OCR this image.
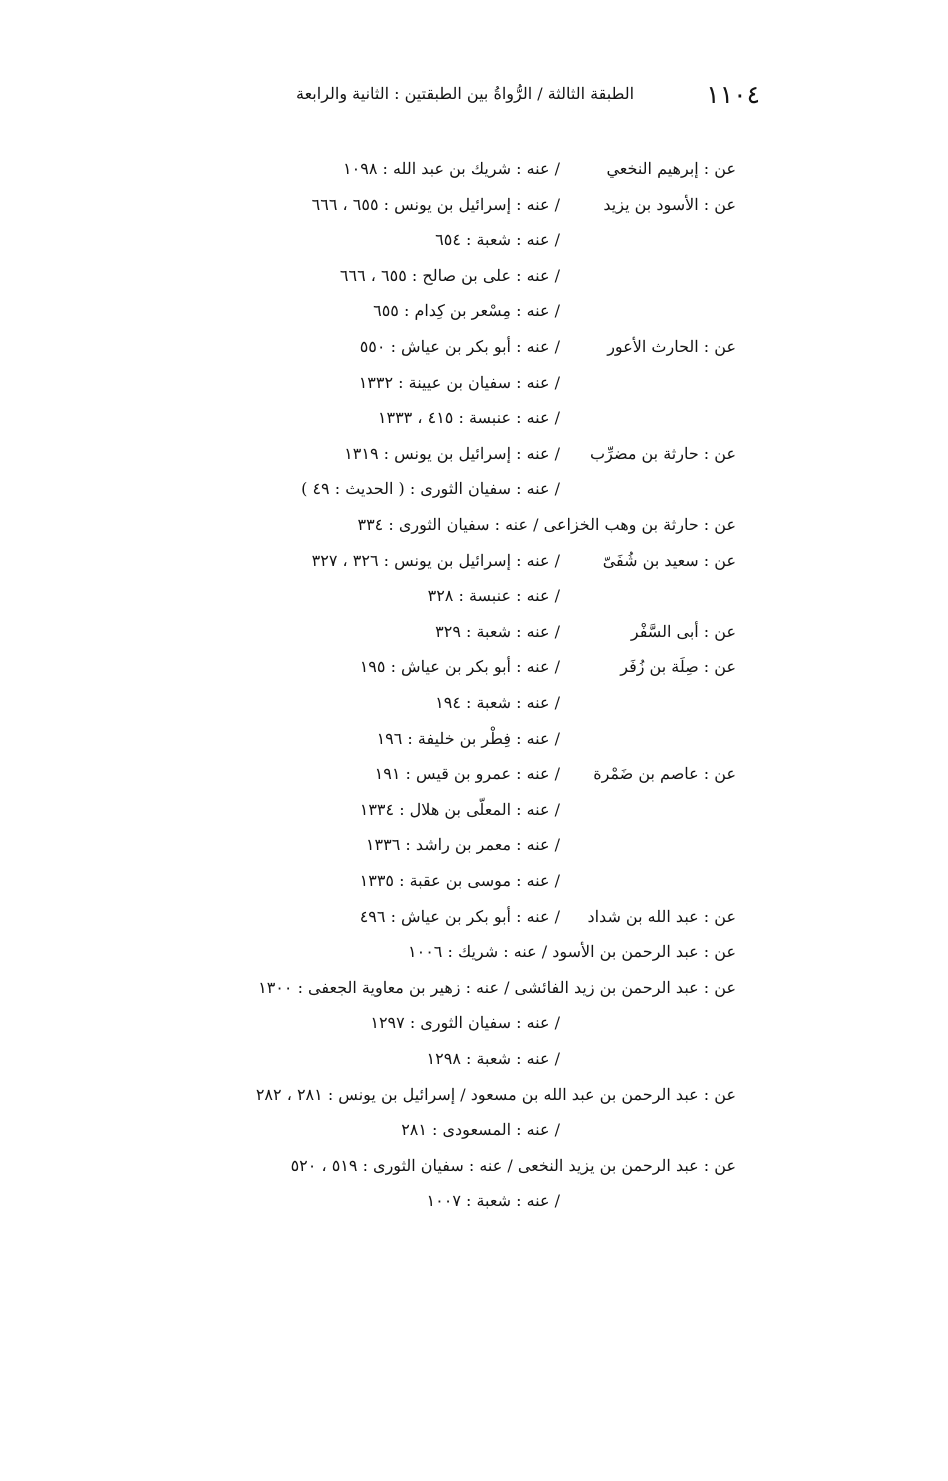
١١٠٤
الطبقة الثالثة / الرُّواةُ بين الطبقتين : الثانية والرابعة
عن : إبرهيم النخعي
/ عنه : شريك بن عبد الله : ١٠٩٨
عن : الأسود بن يزيد
/ عنه : إسرائيل بن يونس : ٦٥٥ ، ٦٦٦
/ عنه : شعبة : ٦٥٤
/ عنه : على بن صالح : ٦٥٥ ، ٦٦٦
/ عنه : مِسْعر بن كِدام : ٦٥٥
عن : الحارث الأعور
/ عنه : أبو بكر بن عياش : ٥٥٠
/ عنه : سفيان بن عيينة : ١٣٣٢
/ عنه : عنبسة : ٤١٥ ، ١٣٣٣
عن : حارثة بن مضرِّب
/ عنه : إسرائيل بن يونس : ١٣١٩
/ عنه : سفيان الثورى : ( الحديث : ٤٩ )
عن : حارثة بن وهب الخزاعى / عنه : سفيان الثورى : ٣٣٤
عن : سعيد بن شُفَىّ
/ عنه : إسرائيل بن يونس : ٣٢٦ ، ٣٢٧
/ عنه : عنبسة : ٣٢٨
عن : أبى السَّفْر
/ عنه : شعبة : ٣٢٩
عن : صِلَة بن زُفَر
/ عنه : أبو بكر بن عياش : ١٩٥
/ عنه : شعبة : ١٩٤
/ عنه : فِطْر بن خليفة : ١٩٦
عن : عاصم بن ضَمْرة
/ عنه : عمرو بن قيس : ١٩١
/ عنه : المعلّى بن هلال : ١٣٣٤
/ عنه : معمر بن راشد : ١٣٣٦
/ عنه : موسى بن عقبة : ١٣٣٥
عن : عبد الله بن شداد
/ عنه : أبو بكر بن عياش : ٤٩٦
عن : عبد الرحمن بن الأسود / عنه : شريك : ١٠٠٦
عن : عبد الرحمن بن زيد الفائشى / عنه : زهير بن معاوية الجعفى : ١٣٠٠
/ عنه : سفيان الثورى : ١٢٩٧
/ عنه : شعبة : ١٢٩٨
عن : عبد الرحمن بن عبد الله بن مسعود / إسرائيل بن يونس : ٢٨١ ، ٢٨٢
/ عنه : المسعودى : ٢٨١
عن : عبد الرحمن بن يزيد النخعى / عنه : سفيان الثورى : ٥١٩ ، ٥٢٠
/ عنه : شعبة : ١٠٠٧
